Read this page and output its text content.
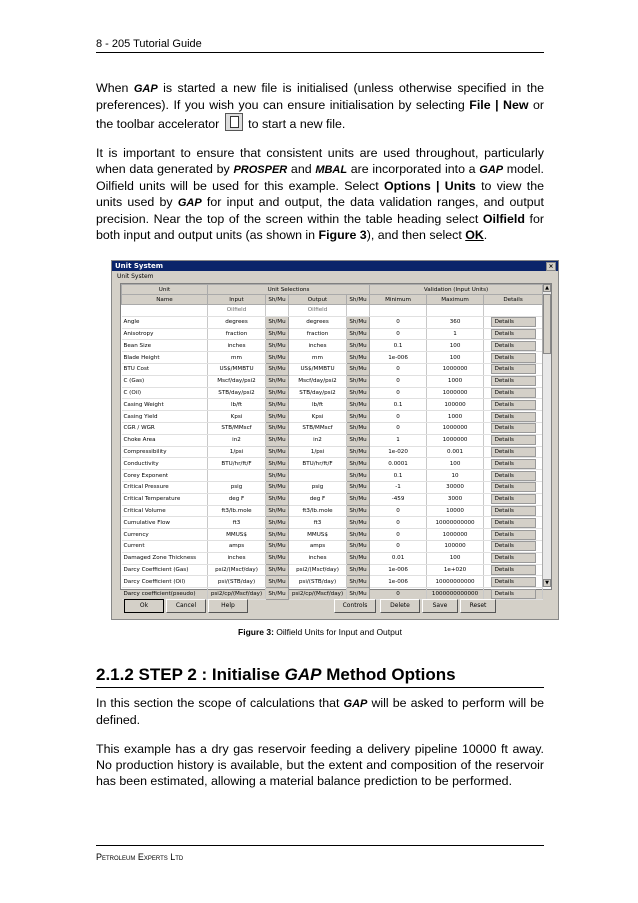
8 - 205 Tutorial Guide
When GAP is started a new file is initialised (unless otherwise specified in the preferences). If you wish you can ensure initialisation by selecting File | New or the toolbar accelerator  to start a new file.
It is important to ensure that consistent units are used throughout, particularly when data generated by PROSPER and MBAL are incorporated into a GAP model. Oilfield units will be used for this example. Select Options | Units to view the units used by GAP for input and output, the data validation ranges, and output precision. Near the top of the screen within the table heading select Oilfield for both input and output units (as shown in Figure 3), and then select OK.
Unit System	×
Unit System
Unit	Unit Selections				Validation (Input Units)		
Name	Input	Sh/Mu	Output	Sh/Mu	Minimum	Maximum	Details
	Oilfield		Oilfield				
Angle	degrees	Sh/Mu	degrees	Sh/Mu	0	360	Details
Anisotropy	fraction	Sh/Mu	fraction	Sh/Mu	0	1	Details
Bean Size	inches	Sh/Mu	inches	Sh/Mu	0.1	100	Details
Blade Height	mm	Sh/Mu	mm	Sh/Mu	1e-006	100	Details
BTU Cost	US$/MMBTU	Sh/Mu	US$/MMBTU	Sh/Mu	0	1000000	Details
C (Gas)	Mscf/day/psi2	Sh/Mu	Mscf/day/psi2	Sh/Mu	0	1000	Details
C (Oil)	STB/day/psi2	Sh/Mu	STB/day/psi2	Sh/Mu	0	1000000	Details
Casing Weight	lb/ft	Sh/Mu	lb/ft	Sh/Mu	0.1	100000	Details
Casing Yield	Kpsi	Sh/Mu	Kpsi	Sh/Mu	0	1000	Details
CGR / WGR	STB/MMscf	Sh/Mu	STB/MMscf	Sh/Mu	0	1000000	Details
Choke Area	in2	Sh/Mu	in2	Sh/Mu	1	1000000	Details
Compressibility	1/psi	Sh/Mu	1/psi	Sh/Mu	1e-020	0.001	Details
Conductivity	BTU/hr/ft/F	Sh/Mu	BTU/hr/ft/F	Sh/Mu	0.0001	100	Details
Corey Exponent		Sh/Mu		Sh/Mu	0.1	10	Details
Critical Pressure	psig	Sh/Mu	psig	Sh/Mu	-1	30000	Details
Critical Temperature	deg F	Sh/Mu	deg F	Sh/Mu	-459	3000	Details
Critical Volume	ft3/lb.mole	Sh/Mu	ft3/lb.mole	Sh/Mu	0	10000	Details
Cumulative Flow	ft3	Sh/Mu	ft3	Sh/Mu	0	10000000000	Details
Currency	MMUS$	Sh/Mu	MMUS$	Sh/Mu	0	1000000	Details
Current	amps	Sh/Mu	amps	Sh/Mu	0	100000	Details
Damaged Zone Thickness	inches	Sh/Mu	inches	Sh/Mu	0.01	100	Details
Darcy Coefficient (Gas)	psi2/(Mscf/day)	Sh/Mu	psi2/(Mscf/day)	Sh/Mu	1e-006	1e+020	Details
Darcy Coefficient (Oil)	psi/(STB/day)	Sh/Mu	psi/(STB/day)	Sh/Mu	1e-006	10000000000	Details
Darcy coefficient(pseudo)	psi2/cp/(Mscf/day)	Sh/Mu	psi2/cp/(Mscf/day)	Sh/Mu	0	1000000000000	Details
▲
▼
Ok	Cancel	Help	Controls	Delete	Save	Reset
Figure 3: Oilfield Units for Input and Output
2.1.2 STEP 2 : Initialise GAP Method Options
In this section the scope of calculations that GAP will be asked to perform will be defined.
This example has a dry gas reservoir feeding a delivery pipeline 10000 ft away. No production history is available, but the extent and composition of the reservoir has been estimated, allowing a material balance prediction to be performed.
Petroleum Experts Ltd
